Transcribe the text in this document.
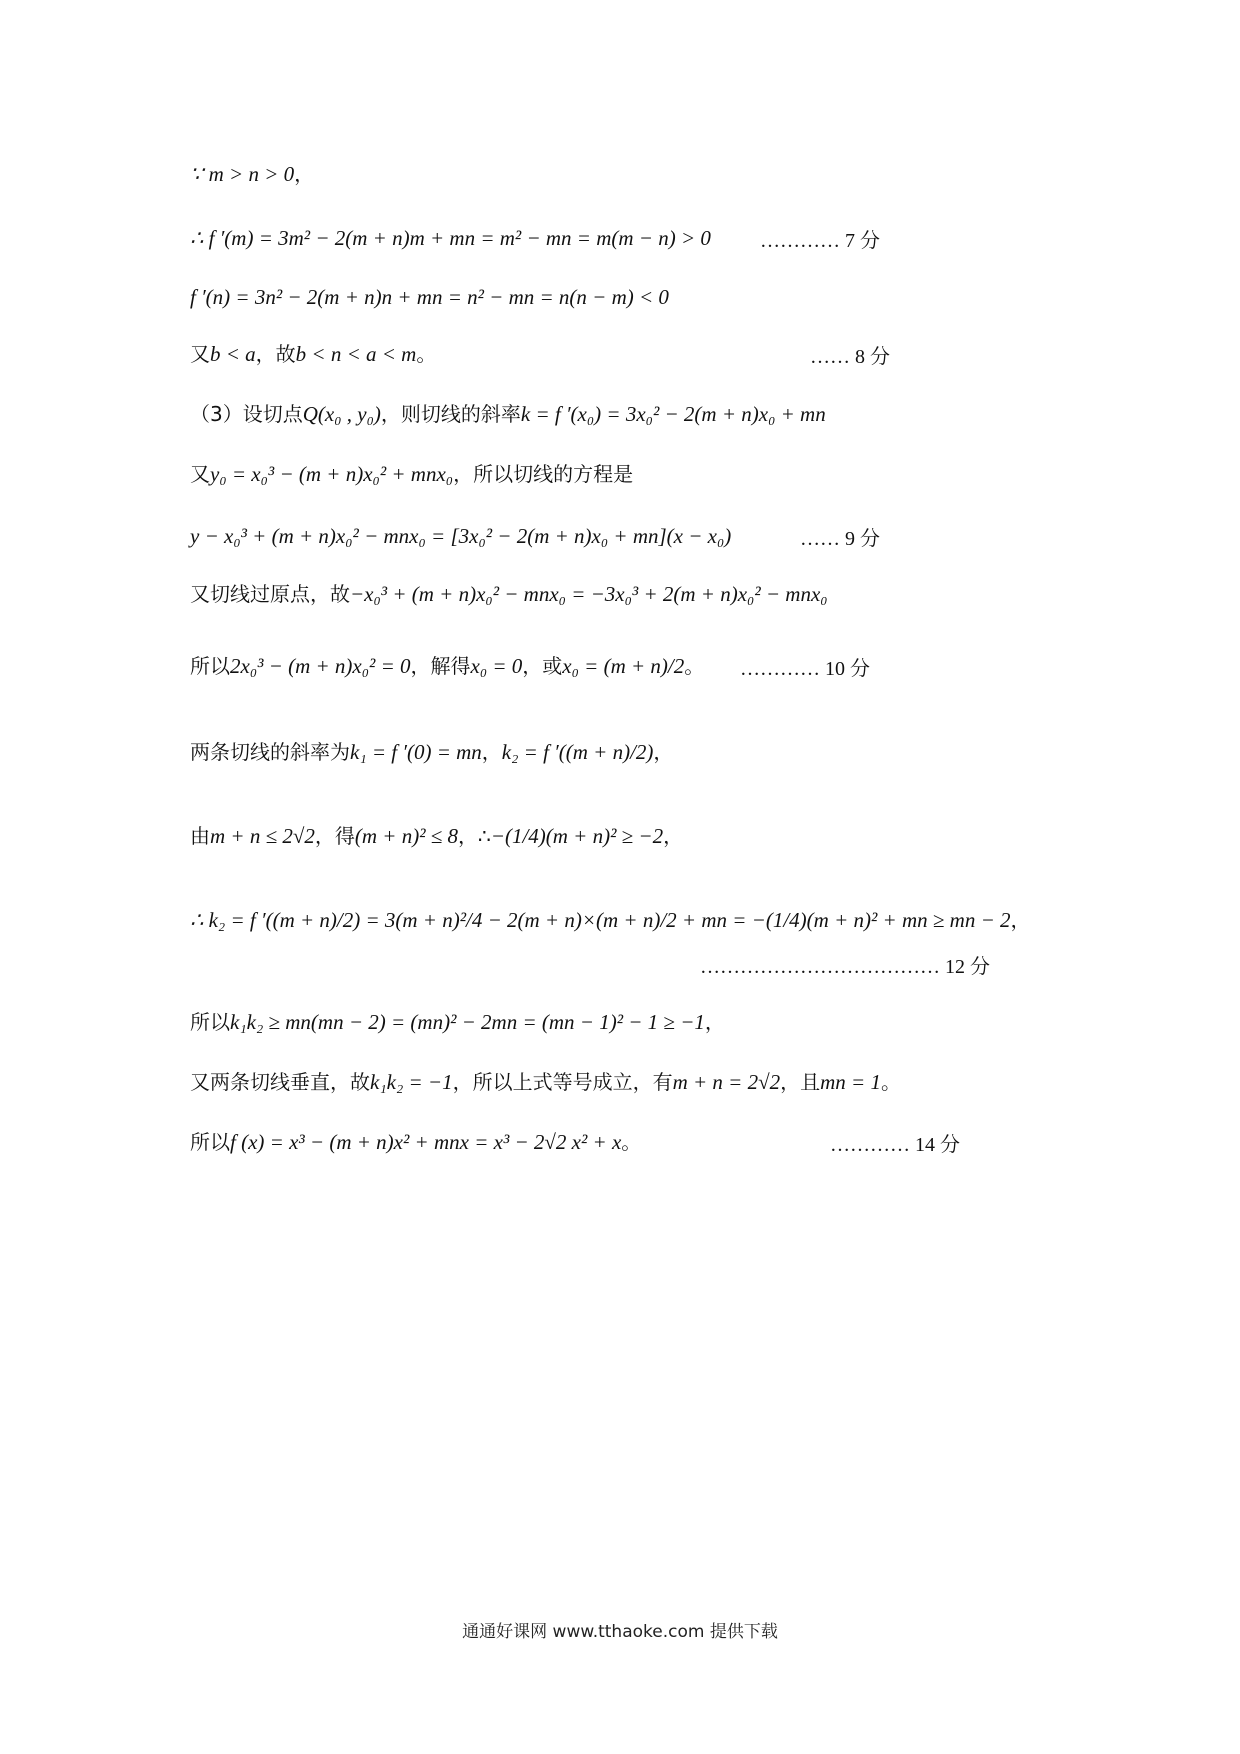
∵ m > n > 0，
∴ f ′(m) = 3m² − 2(m + n)m + mn = m² − mn = m(m − n) > 0 ………… 7 分
f ′(n) = 3n² − 2(m + n)n + mn = n² − mn = n(n − m) < 0
又b < a，故b < n < a < m。	…… 8 分
（3）设切点Q(x₀ , y₀)，则切线的斜率k = f ′(x₀) = 3x₀² − 2(m + n)x₀ + mn
又y₀ = x₀³ − (m + n)x₀² + mnx₀，所以切线的方程是
y − x₀³ + (m + n)x₀² − mnx₀ = [3x₀² − 2(m + n)x₀ + mn](x − x₀)	…… 9 分
又切线过原点，故−x₀³ + (m + n)x₀² − mnx₀ = −3x₀³ + 2(m + n)x₀² − mnx₀
所以2x₀³ − (m + n)x₀² = 0，解得x₀ = 0，或x₀ = (m + n)/2。 ………… 10 分
两条切线的斜率为k₁ = f ′(0) = mn，k₂ = f ′((m + n)/2)，
由m + n ≤ 2√2，得(m + n)² ≤ 8，∴−(1/4)(m + n)² ≥ −2，
∴ k₂ = f ′((m + n)/2) = 3(m + n)²/4 − 2(m + n)×(m + n)/2 + mn = −(1/4)(m + n)² + mn ≥ mn − 2，
所以k₁k₂ ≥ mn(mn − 2) = (mn)² − 2mn = (mn − 1)² − 1 ≥ −1，
又两条切线垂直，故k₁k₂ = −1，所以上式等号成立，有m + n = 2√2，且mn = 1。
所以f (x) = x³ − (m + n)x² + mnx = x³ − 2√2 x² + x。	………… 14 分
……………………………… 12 分
通通好课网 www.tthaoke.com 提供下载
